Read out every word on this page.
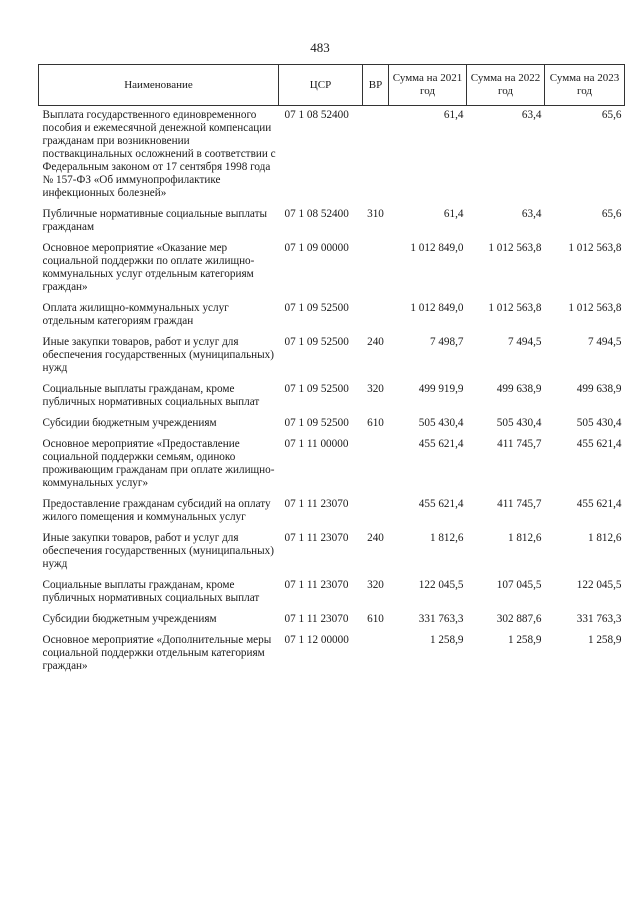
483
Наименование	ЦСР	ВР	Сумма на 2021 год	Сумма на 2022 год	Сумма на 2023 год
Выплата государственного единовременного пособия и ежемесячной денежной компенсации гражданам при возникновении поствакцинальных осложнений в соответствии с Федеральным законом от 17 сентября 1998 года № 157-ФЗ «Об иммунопрофилактике инфекционных болезней»	07 1 08 52400		61,4	63,4	65,6
Публичные нормативные социальные выплаты гражданам	07 1 08 52400	310	61,4	63,4	65,6
Основное мероприятие «Оказание мер социальной поддержки по оплате жилищно-коммунальных услуг отдельным категориям граждан»	07 1 09 00000		1 012 849,0	1 012 563,8	1 012 563,8
Оплата жилищно-коммунальных услуг отдельным категориям граждан	07 1 09 52500		1 012 849,0	1 012 563,8	1 012 563,8
Иные закупки товаров, работ и услуг для обеспечения государственных (муниципальных) нужд	07 1 09 52500	240	7 498,7	7 494,5	7 494,5
Социальные выплаты гражданам, кроме публичных нормативных социальных выплат	07 1 09 52500	320	499 919,9	499 638,9	499 638,9
Субсидии бюджетным учреждениям	07 1 09 52500	610	505 430,4	505 430,4	505 430,4
Основное мероприятие «Предоставление социальной поддержки семьям, одиноко проживающим гражданам при оплате жилищно-коммунальных услуг»	07 1 11 00000		455 621,4	411 745,7	455 621,4
Предоставление гражданам субсидий на оплату жилого помещения и коммунальных услуг	07 1 11 23070		455 621,4	411 745,7	455 621,4
Иные закупки товаров, работ и услуг для обеспечения государственных (муниципальных) нужд	07 1 11 23070	240	1 812,6	1 812,6	1 812,6
Социальные выплаты гражданам, кроме публичных нормативных социальных выплат	07 1 11 23070	320	122 045,5	107 045,5	122 045,5
Субсидии бюджетным учреждениям	07 1 11 23070	610	331 763,3	302 887,6	331 763,3
Основное мероприятие «Дополнительные меры социальной поддержки отдельным категориям граждан»	07 1 12 00000		1 258,9	1 258,9	1 258,9
